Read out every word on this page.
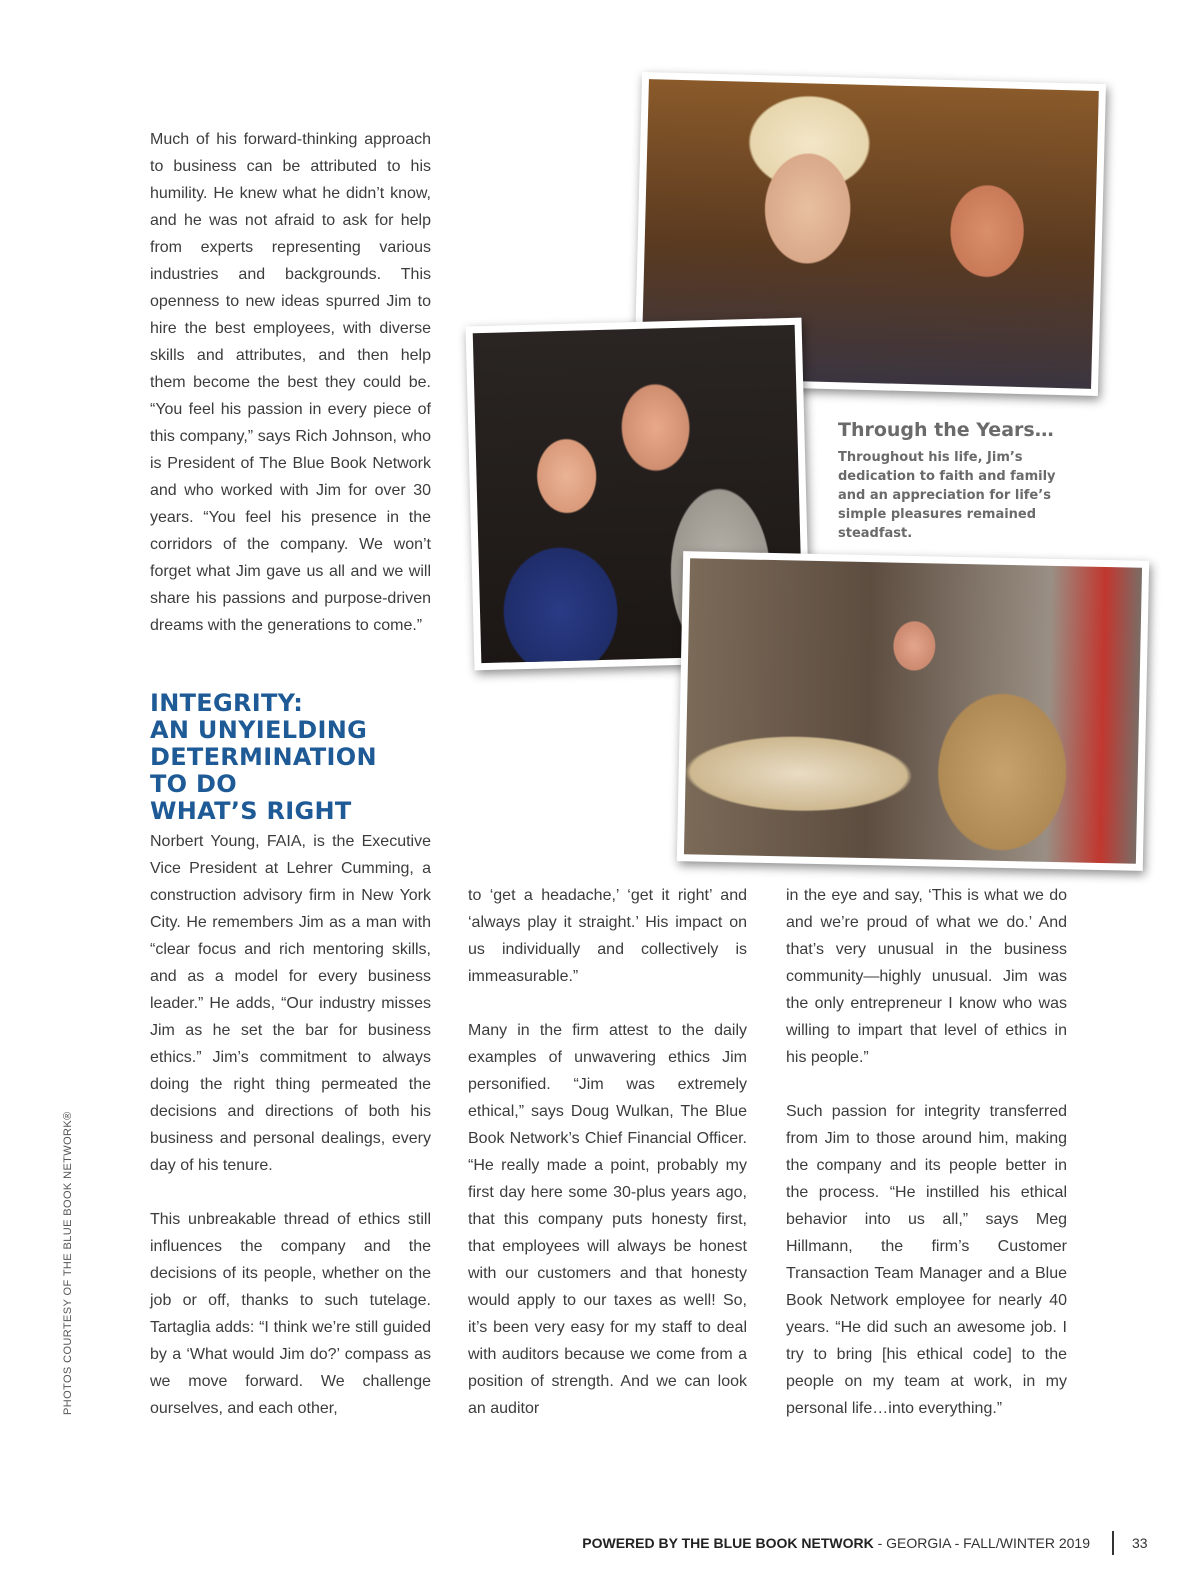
Much of his forward-thinking approach to business can be attributed to his humility. He knew what he didn’t know, and he was not afraid to ask for help from experts representing various industries and backgrounds. This openness to new ideas spurred Jim to hire the best employees, with diverse skills and attributes, and then help them become the best they could be. “You feel his passion in every piece of this company,” says Rich Johnson, who is President of The Blue Book Network and who worked with Jim for over 30 years. “You feel his presence in the corridors of the company. We won’t forget what Jim gave us all and we will share his passions and purpose-driven dreams with the generations to come.”

INTEGRITY:
AN UNYIELDING
DETERMINATION
TO DO
WHAT’S RIGHT

Norbert Young, FAIA, is the Executive Vice President at Lehrer Cumming, a construction advisory firm in New York City. He remembers Jim as a man with “clear focus and rich mentoring skills, and as a model for every business leader.” He adds, “Our industry misses Jim as he set the bar for business ethics.” Jim’s commitment to always doing the right thing permeated the decisions and directions of both his business and personal dealings, every day of his tenure.

This unbreakable thread of ethics still influences the company and the decisions of its people, whether on the job or off, thanks to such tutelage. Tartaglia adds: “I think we’re still guided by a ‘What would Jim do?’ compass as we move forward. We challenge ourselves, and each other,

to ‘get a headache,’ ‘get it right’ and ‘always play it straight.’ His impact on us individually and collectively is immeasurable.”

Many in the firm attest to the daily examples of unwavering ethics Jim personified. “Jim was extremely ethical,” says Doug Wulkan, The Blue Book Network’s Chief Financial Officer. “He really made a point, probably my first day here some 30-plus years ago, that this company puts honesty first, that employees will always be honest with our customers and that honesty would apply to our taxes as well! So, it’s been very easy for my staff to deal with auditors because we come from a position of strength. And we can look an auditor

in the eye and say, ‘This is what we do and we’re proud of what we do.’ And that’s very unusual in the business community—highly unusual. Jim was the only entrepreneur I know who was willing to impart that level of ethics in his people.”

Such passion for integrity transferred from Jim to those around him, making the company and its people better in the process. “He instilled his ethical behavior into us all,” says Meg Hillmann, the firm’s Customer Transaction Team Manager and a Blue Book Network employee for nearly 40 years. “He did such an awesome job. I try to bring [his ethical code] to the people on my team at work, in my personal life…into everything.”

Through the Years…
Throughout his life, Jim’s dedication to faith and family and an appreciation for life’s simple pleasures remained steadfast.
PHOTOS COURTESY OF THE BLUE BOOK NETWORK®
POWERED BY THE BLUE BOOK NETWORK - GEORGIA - FALL/WINTER 2019	33
